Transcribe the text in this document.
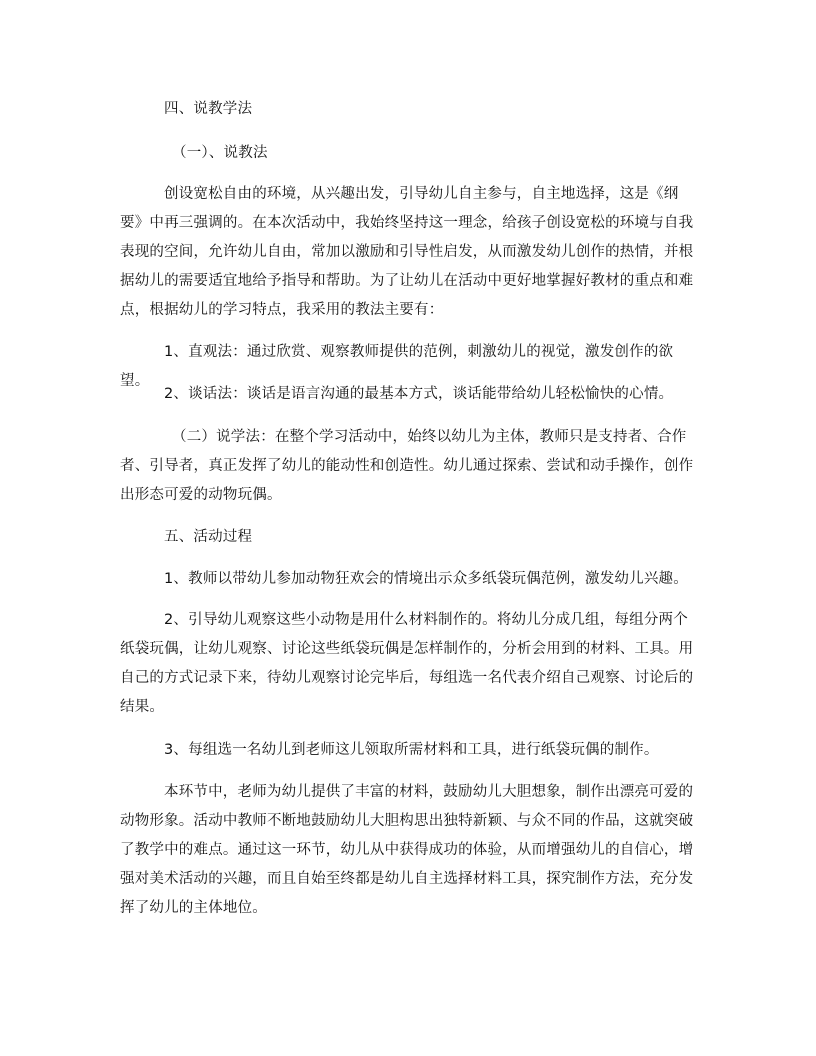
四、说教学法

（一）、说教法

创设宽松自由的环境，从兴趣出发，引导幼儿自主参与，自主地选择，这是《纲要》中再三强调的。在本次活动中，我始终坚持这一理念，给孩子创设宽松的环境与自我表现的空间，允许幼儿自由，常加以激励和引导性启发，从而激发幼儿创作的热情，并根据幼儿的需要适宜地给予指导和帮助。为了让幼儿在活动中更好地掌握好教材的重点和难点，根据幼儿的学习特点，我采用的教法主要有：

1、直观法：通过欣赏、观察教师提供的范例，刺激幼儿的视觉，激发创作的欲望。

2、谈话法：谈话是语言沟通的最基本方式，谈话能带给幼儿轻松愉快的心情。

（二）说学法：在整个学习活动中，始终以幼儿为主体，教师只是支持者、合作者、引导者，真正发挥了幼儿的能动性和创造性。幼儿通过探索、尝试和动手操作，创作出形态可爱的动物玩偶。

五、活动过程

1、教师以带幼儿参加动物狂欢会的情境出示众多纸袋玩偶范例，激发幼儿兴趣。

2、引导幼儿观察这些小动物是用什么材料制作的。将幼儿分成几组，每组分两个纸袋玩偶，让幼儿观察、讨论这些纸袋玩偶是怎样制作的，分析会用到的材料、工具。用自己的方式记录下来，待幼儿观察讨论完毕后，每组选一名代表介绍自己观察、讨论后的结果。

3、每组选一名幼儿到老师这儿领取所需材料和工具，进行纸袋玩偶的制作。

本环节中，老师为幼儿提供了丰富的材料，鼓励幼儿大胆想象，制作出漂亮可爱的动物形象。活动中教师不断地鼓励幼儿大胆构思出独特新颖、与众不同的作品，这就突破了教学中的难点。通过这一环节，幼儿从中获得成功的体验，从而增强幼儿的自信心，增强对美术活动的兴趣，而且自始至终都是幼儿自主选择材料工具，探究制作方法，充分发挥了幼儿的主体地位。
